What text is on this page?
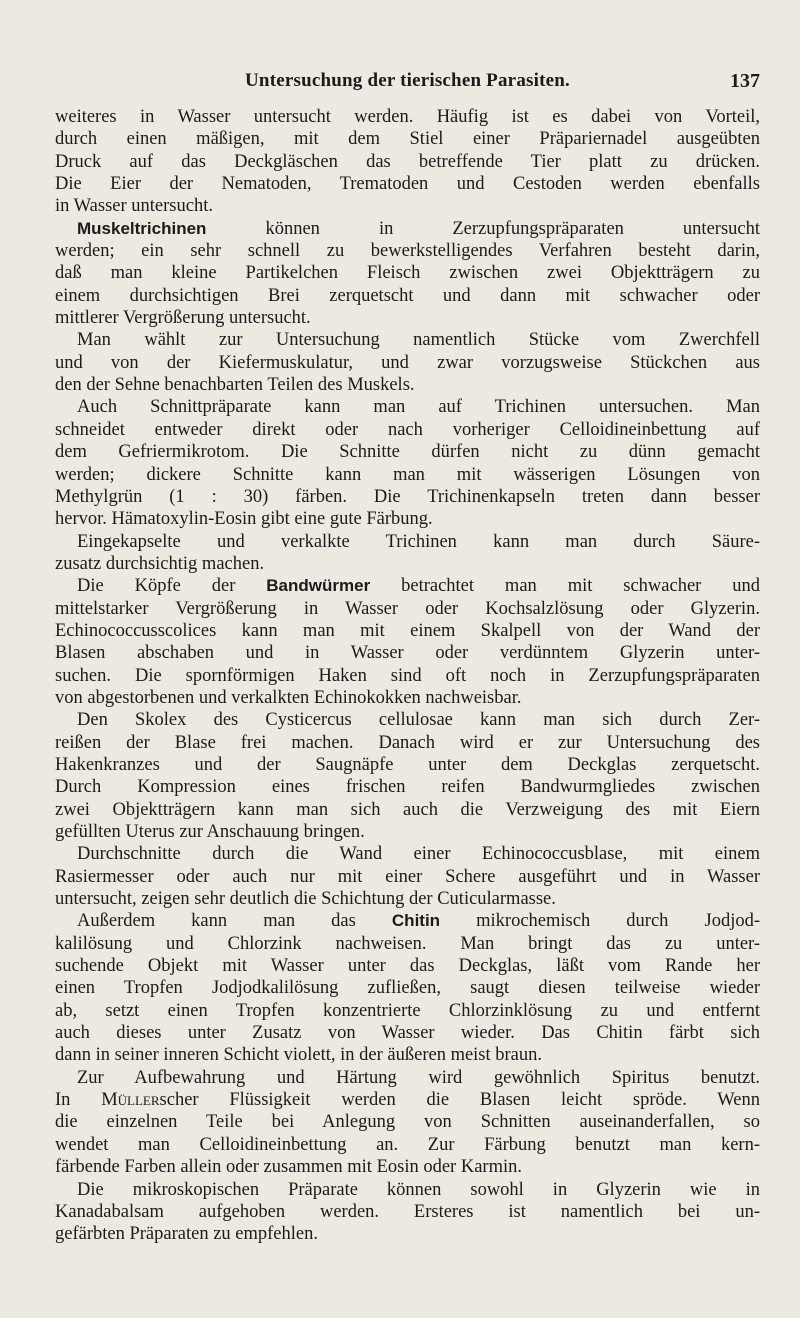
Untersuchung der tierischen Parasiten.	137
weiteres in Wasser untersucht werden. Häufig ist es dabei von Vorteil,
durch einen mäßigen, mit dem Stiel einer Präpariernadel ausgeübten
Druck auf das Deckgläschen das betreffende Tier platt zu drücken.
Die Eier der Nematoden, Trematoden und Cestoden werden ebenfalls
in Wasser untersucht.
Muskeltrichinen können in Zerzupfungspräparaten untersucht
werden; ein sehr schnell zu bewerkstelligendes Verfahren besteht darin,
daß man kleine Partikelchen Fleisch zwischen zwei Objektträgern zu
einem durchsichtigen Brei zerquetscht und dann mit schwacher oder
mittlerer Vergrößerung untersucht.
Man wählt zur Untersuchung namentlich Stücke vom Zwerchfell
und von der Kiefermuskulatur, und zwar vorzugsweise Stückchen aus
den der Sehne benachbarten Teilen des Muskels.
Auch Schnittpräparate kann man auf Trichinen untersuchen. Man
schneidet entweder direkt oder nach vorheriger Celloidineinbettung auf
dem Gefriermikrotom. Die Schnitte dürfen nicht zu dünn gemacht
werden; dickere Schnitte kann man mit wässerigen Lösungen von
Methylgrün (1 : 30) färben. Die Trichinenkapseln treten dann besser
hervor. Hämatoxylin-Eosin gibt eine gute Färbung.
Eingekapselte und verkalkte Trichinen kann man durch Säure-
zusatz durchsichtig machen.
Die Köpfe der Bandwürmer betrachtet man mit schwacher und
mittelstarker Vergrößerung in Wasser oder Kochsalzlösung oder Glyzerin.
Echinococcusscolices kann man mit einem Skalpell von der Wand der
Blasen abschaben und in Wasser oder verdünntem Glyzerin unter-
suchen. Die spornförmigen Haken sind oft noch in Zerzupfungspräparaten
von abgestorbenen und verkalkten Echinokokken nachweisbar.
Den Skolex des Cysticercus cellulosae kann man sich durch Zer-
reißen der Blase frei machen. Danach wird er zur Untersuchung des
Hakenkranzes und der Saugnäpfe unter dem Deckglas zerquetscht.
Durch Kompression eines frischen reifen Bandwurmgliedes zwischen
zwei Objektträgern kann man sich auch die Verzweigung des mit Eiern
gefüllten Uterus zur Anschauung bringen.
Durchschnitte durch die Wand einer Echinococcusblase, mit einem
Rasiermesser oder auch nur mit einer Schere ausgeführt und in Wasser
untersucht, zeigen sehr deutlich die Schichtung der Cuticularmasse.
Außerdem kann man das Chitin mikrochemisch durch Jodjod-
kalilösung und Chlorzink nachweisen. Man bringt das zu unter-
suchende Objekt mit Wasser unter das Deckglas, läßt vom Rande her
einen Tropfen Jodjodkalilösung zufließen, saugt diesen teilweise wieder
ab, setzt einen Tropfen konzentrierte Chlorzinklösung zu und entfernt
auch dieses unter Zusatz von Wasser wieder. Das Chitin färbt sich
dann in seiner inneren Schicht violett, in der äußeren meist braun.
Zur Aufbewahrung und Härtung wird gewöhnlich Spiritus benutzt.
In Müllerscher Flüssigkeit werden die Blasen leicht spröde. Wenn
die einzelnen Teile bei Anlegung von Schnitten auseinanderfallen, so
wendet man Celloidineinbettung an. Zur Färbung benutzt man kern-
färbende Farben allein oder zusammen mit Eosin oder Karmin.
Die mikroskopischen Präparate können sowohl in Glyzerin wie in
Kanadabalsam aufgehoben werden. Ersteres ist namentlich bei un-
gefärbten Präparaten zu empfehlen.
